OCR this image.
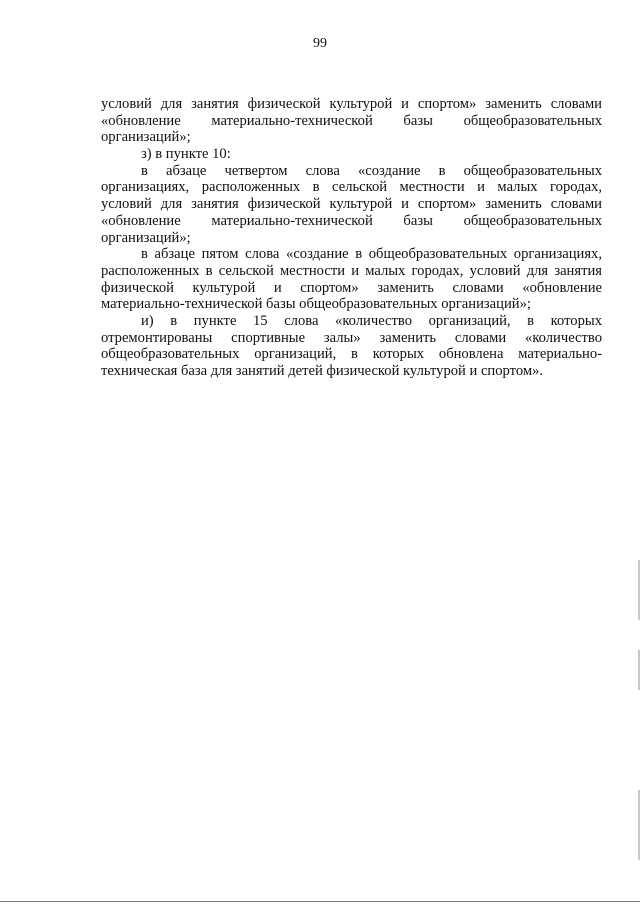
99
условий для занятия физической культурой и спортом» заменить словами
«обновление материально-технической базы общеобразовательных
организаций»;
з) в пункте 10:
в абзаце четвертом слова «создание в общеобразовательных
организациях, расположенных в сельской местности и малых городах,
условий для занятия физической культурой и спортом» заменить словами
«обновление материально-технической базы общеобразовательных
организаций»;
в абзаце пятом слова «создание в общеобразовательных организациях,
расположенных в сельской местности и малых городах, условий для занятия
физической культурой и спортом» заменить словами «обновление
материально-технической базы общеобразовательных организаций»;
и) в пункте 15 слова «количество организаций, в которых
отремонтированы спортивные залы» заменить словами «количество
общеобразовательных организаций, в которых обновлена материально-
техническая база для занятий детей физической культурой и спортом».
